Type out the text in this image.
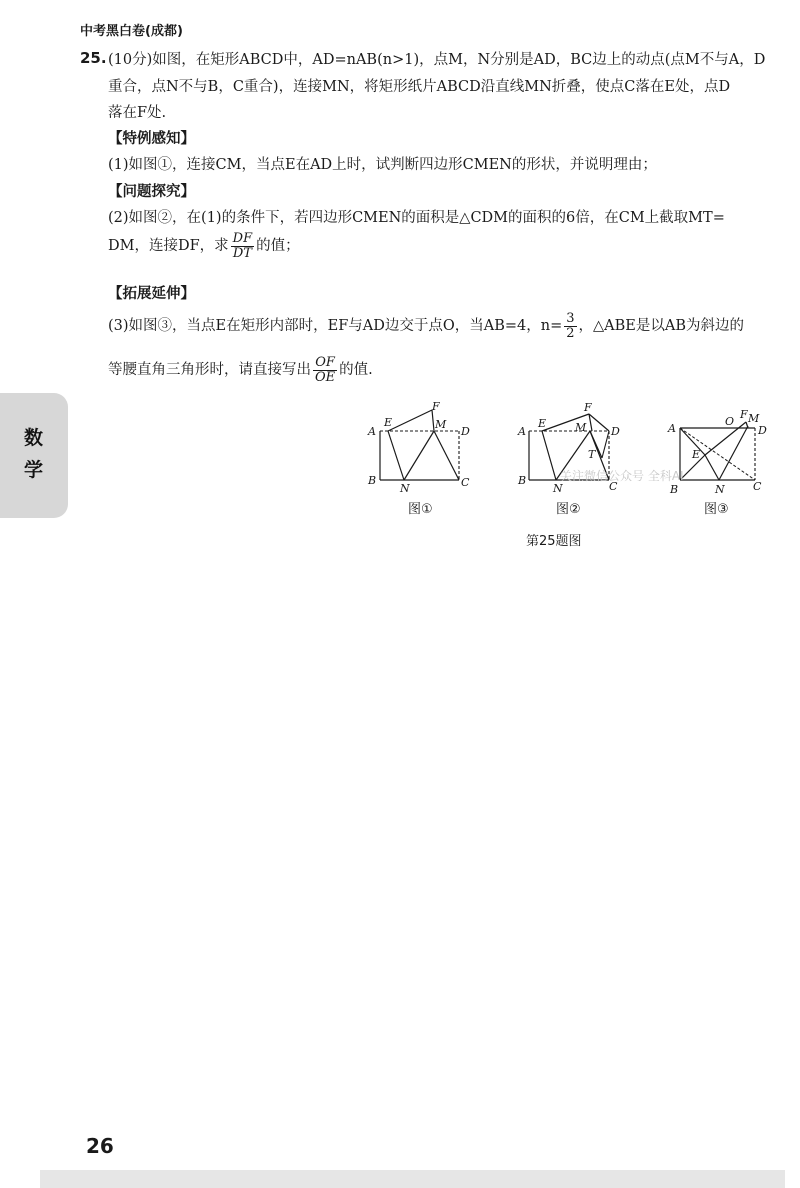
中考黑白卷(成都)
25. (10分)如图，在矩形ABCD中，AD=nAB(n>1)，点M，N分别是AD，BC边上的动点(点M不与A，D
重合，点N不与B，C重合)，连接MN，将矩形纸片ABCD沿直线MN折叠，使点C落在E处，点D
落在F处.
【特例感知】
(1)如图①，连接CM，当点E在AD上时，试判断四边形CMEN的形状，并说明理由；
【问题探究】
(2)如图②，在(1)的条件下，若四边形CMEN的面积是△CDM的面积的6倍，在CM上截取MT=
DM，连接DF，求 $\frac{DF}{DT}$ 的值；
【拓展延伸】
(3)如图③，当点E在矩形内部时，EF与AD边交于点O，当AB=4，$n= \frac{3}{2}$ ，△ABE是以AB为斜边的
等腰直角三角形时，请直接写出 $\frac{OF}{OE}$ 的值.
数
学
A
B	C
D
E
F
M
N
图①
A
B	C
D
E
F
M
N
T
图②
A
B	C
D
E
F M
N
O
图③
关注微信公众号 全科AI
第25题图
26
